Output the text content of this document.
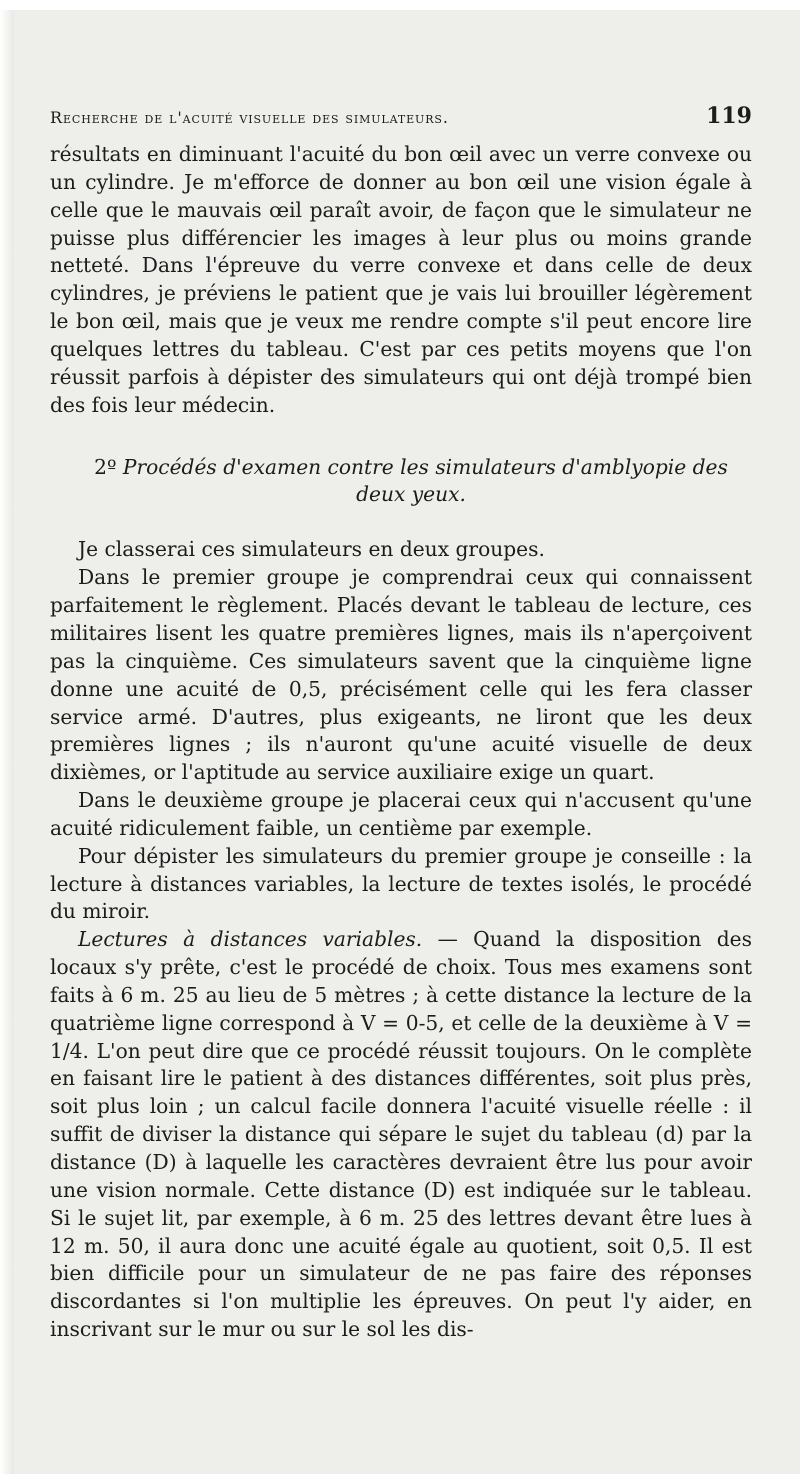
Recherche de l'acuité visuelle des simulateurs.	119

résultats en diminuant l'acuité du bon œil avec un verre convexe ou un cylindre. Je m'efforce de donner au bon œil une vision égale à celle que le mauvais œil paraît avoir, de façon que le simulateur ne puisse plus différencier les images à leur plus ou moins grande netteté. Dans l'épreuve du verre convexe et dans celle de deux cylindres, je préviens le patient que je vais lui brouiller légèrement le bon œil, mais que je veux me rendre compte s'il peut encore lire quelques lettres du tableau. C'est par ces petits moyens que l'on réussit parfois à dépister des simulateurs qui ont déjà trompé bien des fois leur médecin.

2º Procédés d'examen contre les simulateurs d'amblyopie des deux yeux.

Je classerai ces simulateurs en deux groupes.

Dans le premier groupe je comprendrai ceux qui connaissent parfaitement le règlement. Placés devant le tableau de lecture, ces militaires lisent les quatre premières lignes, mais ils n'aperçoivent pas la cinquième. Ces simulateurs savent que la cinquième ligne donne une acuité de 0,5, précisément celle qui les fera classer service armé. D'autres, plus exigeants, ne liront que les deux premières lignes ; ils n'auront qu'une acuité visuelle de deux dixièmes, or l'aptitude au service auxiliaire exige un quart.

Dans le deuxième groupe je placerai ceux qui n'accusent qu'une acuité ridiculement faible, un centième par exemple.

Pour dépister les simulateurs du premier groupe je conseille : la lecture à distances variables, la lecture de textes isolés, le procédé du miroir.

Lectures à distances variables. — Quand la disposition des locaux s'y prête, c'est le procédé de choix. Tous mes examens sont faits à 6 m. 25 au lieu de 5 mètres ; à cette distance la lecture de la quatrième ligne correspond à V = 0-5, et celle de la deuxième à V = 1/4. L'on peut dire que ce procédé réussit toujours. On le complète en faisant lire le patient à des distances différentes, soit plus près, soit plus loin ; un calcul facile donnera l'acuité visuelle réelle : il suffit de diviser la distance qui sépare le sujet du tableau (d) par la distance (D) à laquelle les caractères devraient être lus pour avoir une vision normale. Cette distance (D) est indiquée sur le tableau. Si le sujet lit, par exemple, à 6 m. 25 des lettres devant être lues à 12 m. 50, il aura donc une acuité égale au quotient, soit 0,5. Il est bien difficile pour un simulateur de ne pas faire des réponses discordantes si l'on multiplie les épreuves. On peut l'y aider, en inscrivant sur le mur ou sur le sol les dis-
